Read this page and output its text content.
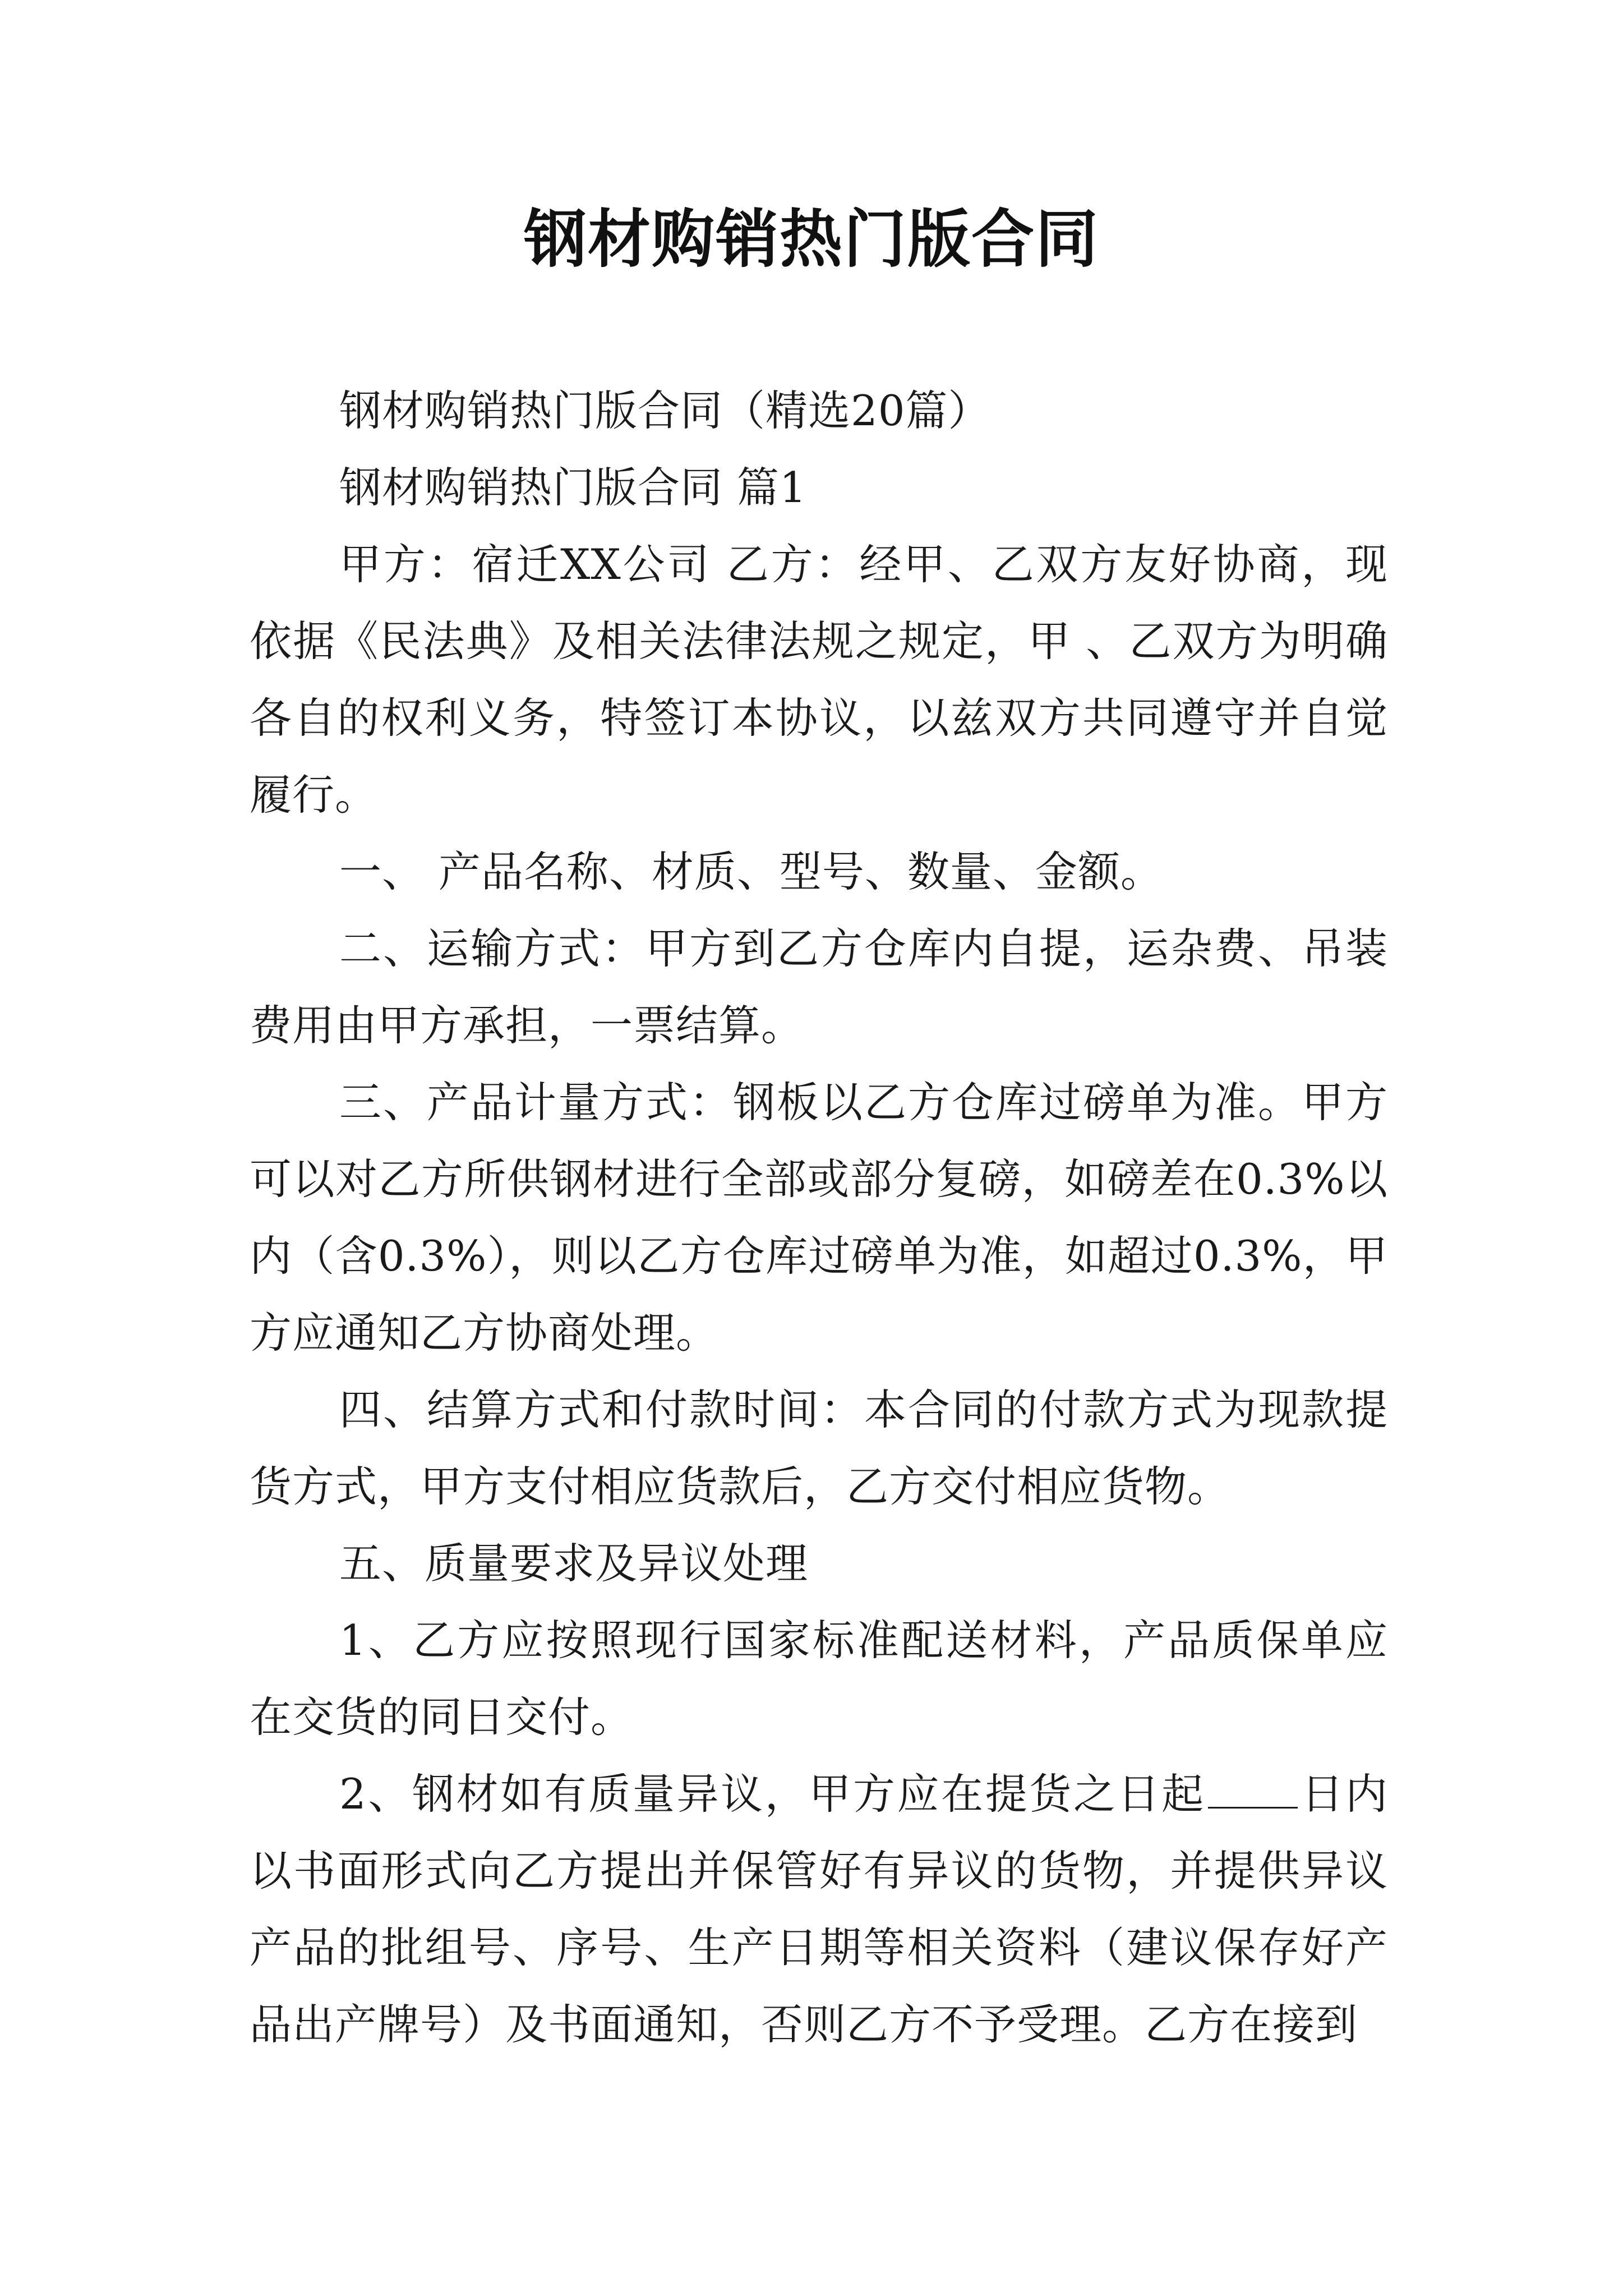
钢材购销热门版合同

钢材购销热门版合同（精选20篇）

钢材购销热门版合同 篇1

甲方：宿迁XX公司 乙方：经甲、乙双方友好协商，现依据《民法典》及相关法律法规之规定，甲 、乙双方为明确各自的权利义务，特签订本协议，以兹双方共同遵守并自觉履行。

一、 产品名称、材质、型号、数量、金额。

二、运输方式：甲方到乙方仓库内自提，运杂费、吊装费用由甲方承担，一票结算。

三、产品计量方式：钢板以乙方仓库过磅单为准。甲方可以对乙方所供钢材进行全部或部分复磅，如磅差在0.3%以内（含0.3%），则以乙方仓库过磅单为准，如超过0.3%，甲方应通知乙方协商处理。

四、结算方式和付款时间：本合同的付款方式为现款提货方式，甲方支付相应货款后，乙方交付相应货物。

五、质量要求及异议处理

1、乙方应按照现行国家标准配送材料，产品质保单应在交货的同日交付。

2、钢材如有质量异议，甲方应在提货之日起 日内以书面形式向乙方提出并保管好有异议的货物，并提供异议产品的批组号、序号、生产日期等相关资料（建议保存好产品出产牌号）及书面通知，否则乙方不予受理。乙方在接到
